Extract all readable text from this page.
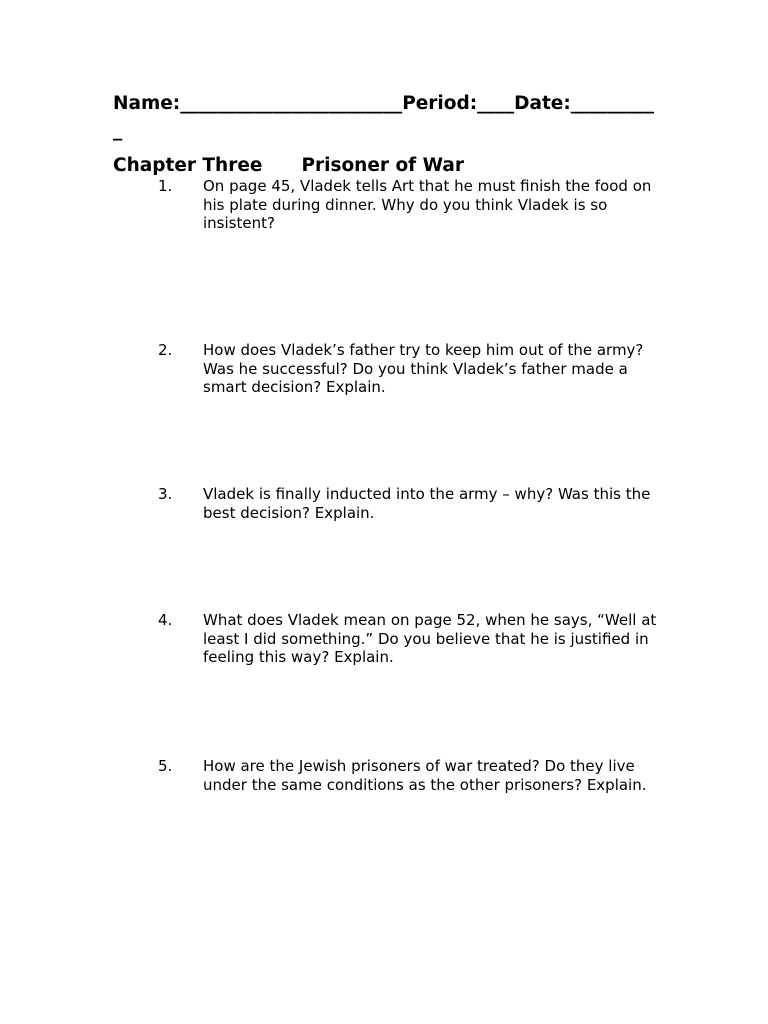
Name:________________________Period:____Date:__________
Chapter Three Prisoner of War
1. On page 45, Vladek tells Art that he must finish the food on his plate during dinner. Why do you think Vladek is so insistent?
2. How does Vladek’s father try to keep him out of the army? Was he successful? Do you think Vladek’s father made a smart decision? Explain.
3. Vladek is finally inducted into the army – why? Was this the best decision? Explain.
4. What does Vladek mean on page 52, when he says, “Well at least I did something.” Do you believe that he is justified in feeling this way? Explain.
5. How are the Jewish prisoners of war treated? Do they live under the same conditions as the other prisoners? Explain.
